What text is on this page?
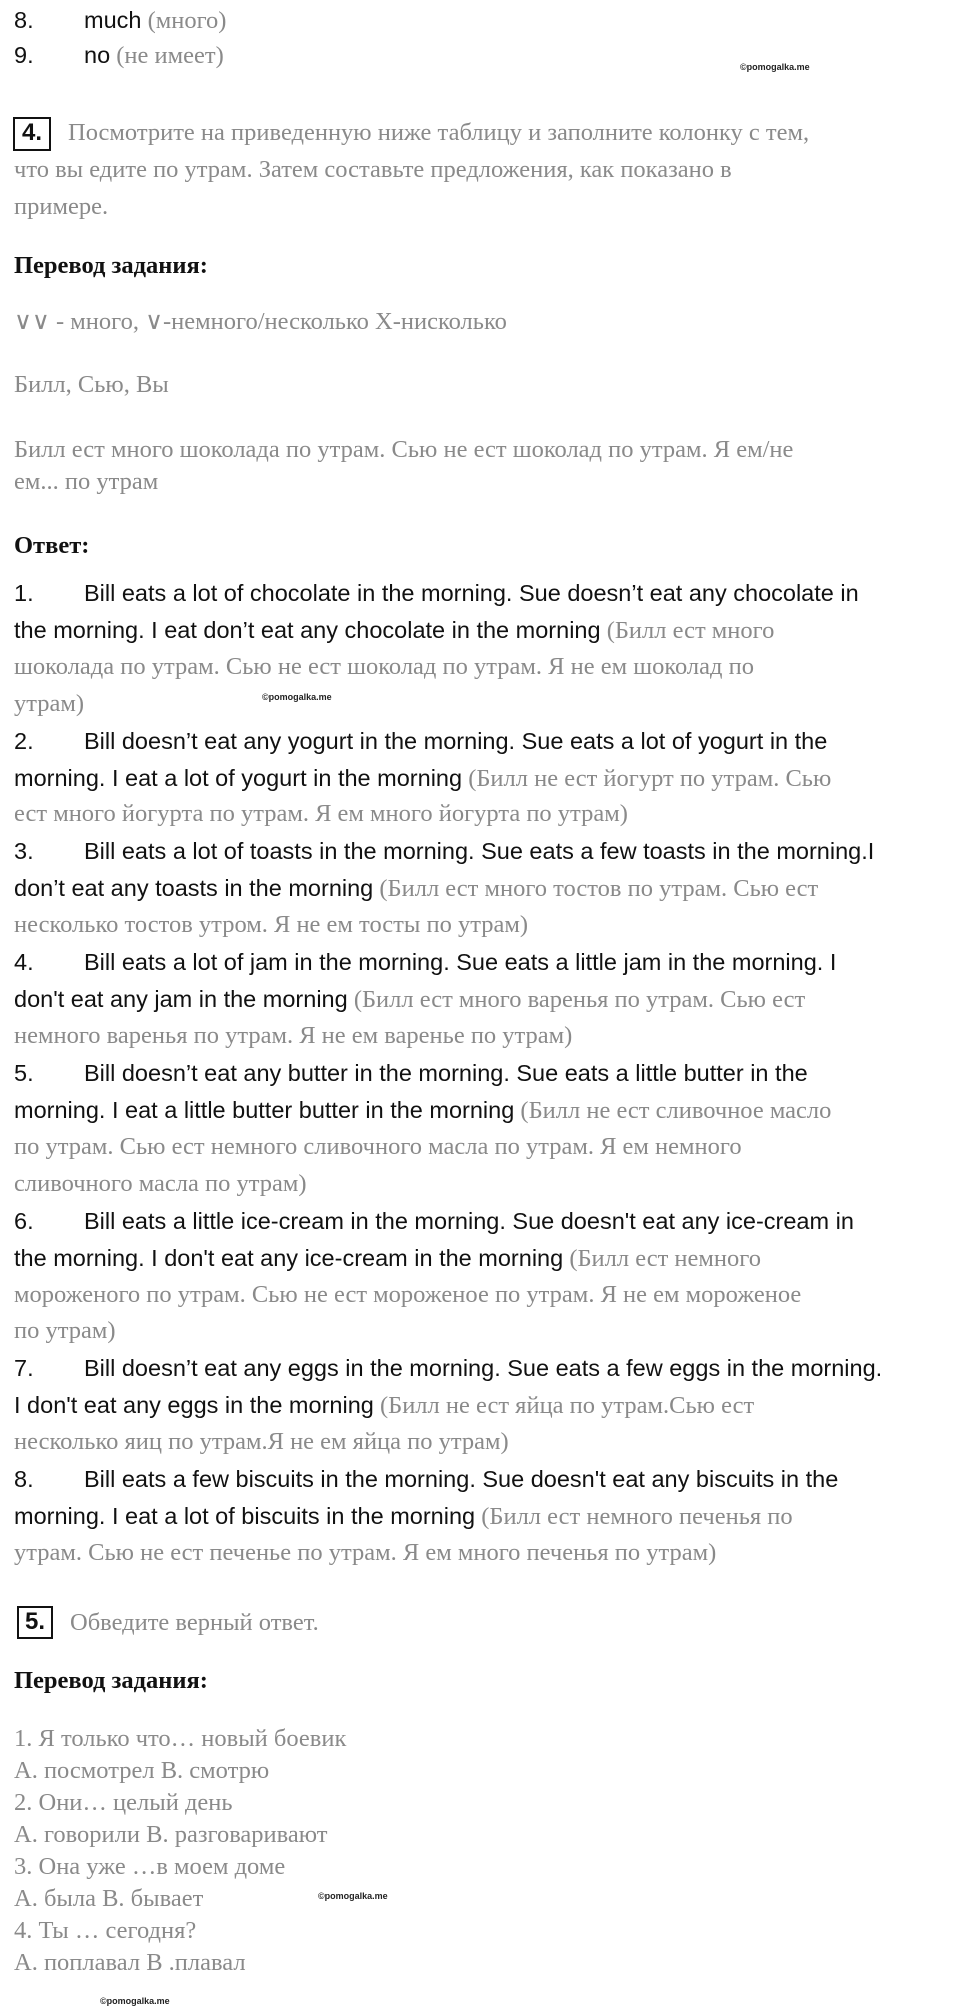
8. much (много)
9. no (не имеет)	©pomogalka.me
4.	Посмотрите на приведенную ниже таблицу и заполните колонку с тем,
что вы едите по утрам. Затем составьте предложения, как показано в
примере.
Перевод задания:
∨∨ - много, ∨-немного/несколько Х-нисколько
Билл, Сью, Вы
Билл ест много шоколада по утрам. Сью не ест шоколад по утрам. Я ем/не
ем... по утрам
Ответ:
1. Bill eats a lot of chocolate in the morning. Sue doesn’t eat any chocolate in
the morning. I eat don’t eat any chocolate in the morning (Билл ест много
шоколада по утрам. Сью не ест шоколад по утрам. Я не ем шоколад по
утрам)	©pomogalka.me
2. Bill doesn’t eat any yogurt in the morning. Sue eats a lot of yogurt in the
morning. I eat a lot of yogurt in the morning (Билл не ест йогурт по утрам. Сью
ест много йогурта по утрам. Я ем много йогурта по утрам)
3. Bill eats a lot of toasts in the morning. Sue eats a few toasts in the morning.I
don’t eat any toasts in the morning (Билл ест много тостов по утрам. Сью ест
несколько тостов утром. Я не ем тосты по утрам)
4. Bill eats a lot of jam in the morning. Sue eats a little jam in the morning. I
don't eat any jam in the morning (Билл ест много варенья по утрам. Сью ест
немного варенья по утрам. Я не ем варенье по утрам)
5. Bill doesn’t eat any butter in the morning. Sue eats a little butter in the
morning. I eat a little butter butter in the morning (Билл не ест сливочное масло
по утрам. Сью ест немного сливочного масла по утрам. Я ем немного
сливочного масла по утрам)
6. Bill eats a little ice-cream in the morning. Sue doesn't eat any ice-cream in
the morning. I don't eat any ice-cream in the morning (Билл ест немного
мороженого по утрам. Сью не ест мороженое по утрам. Я не ем мороженое
по утрам)
7. Bill doesn’t eat any eggs in the morning. Sue eats a few eggs in the morning.
I don't eat any eggs in the morning (Билл не ест яйца по утрам.Сью ест
несколько яиц по утрам.Я не ем яйца по утрам)
8. Bill eats a few biscuits in the morning. Sue doesn't eat any biscuits in the
morning. I eat a lot of biscuits in the morning (Билл ест немного печенья по
утрам. Сью не ест печенье по утрам. Я ем много печенья по утрам)
5.	Обведите верный ответ.
Перевод задания:
1. Я только что… новый боевик
А. посмотрел В. смотрю
2. Они… целый день
А. говорили В. разговаривают
3. Она уже …в моем доме
А. была В. бывает	©pomogalka.me
4. Ты … сегодня?
А. поплавал В .плавал
©pomogalka.me
